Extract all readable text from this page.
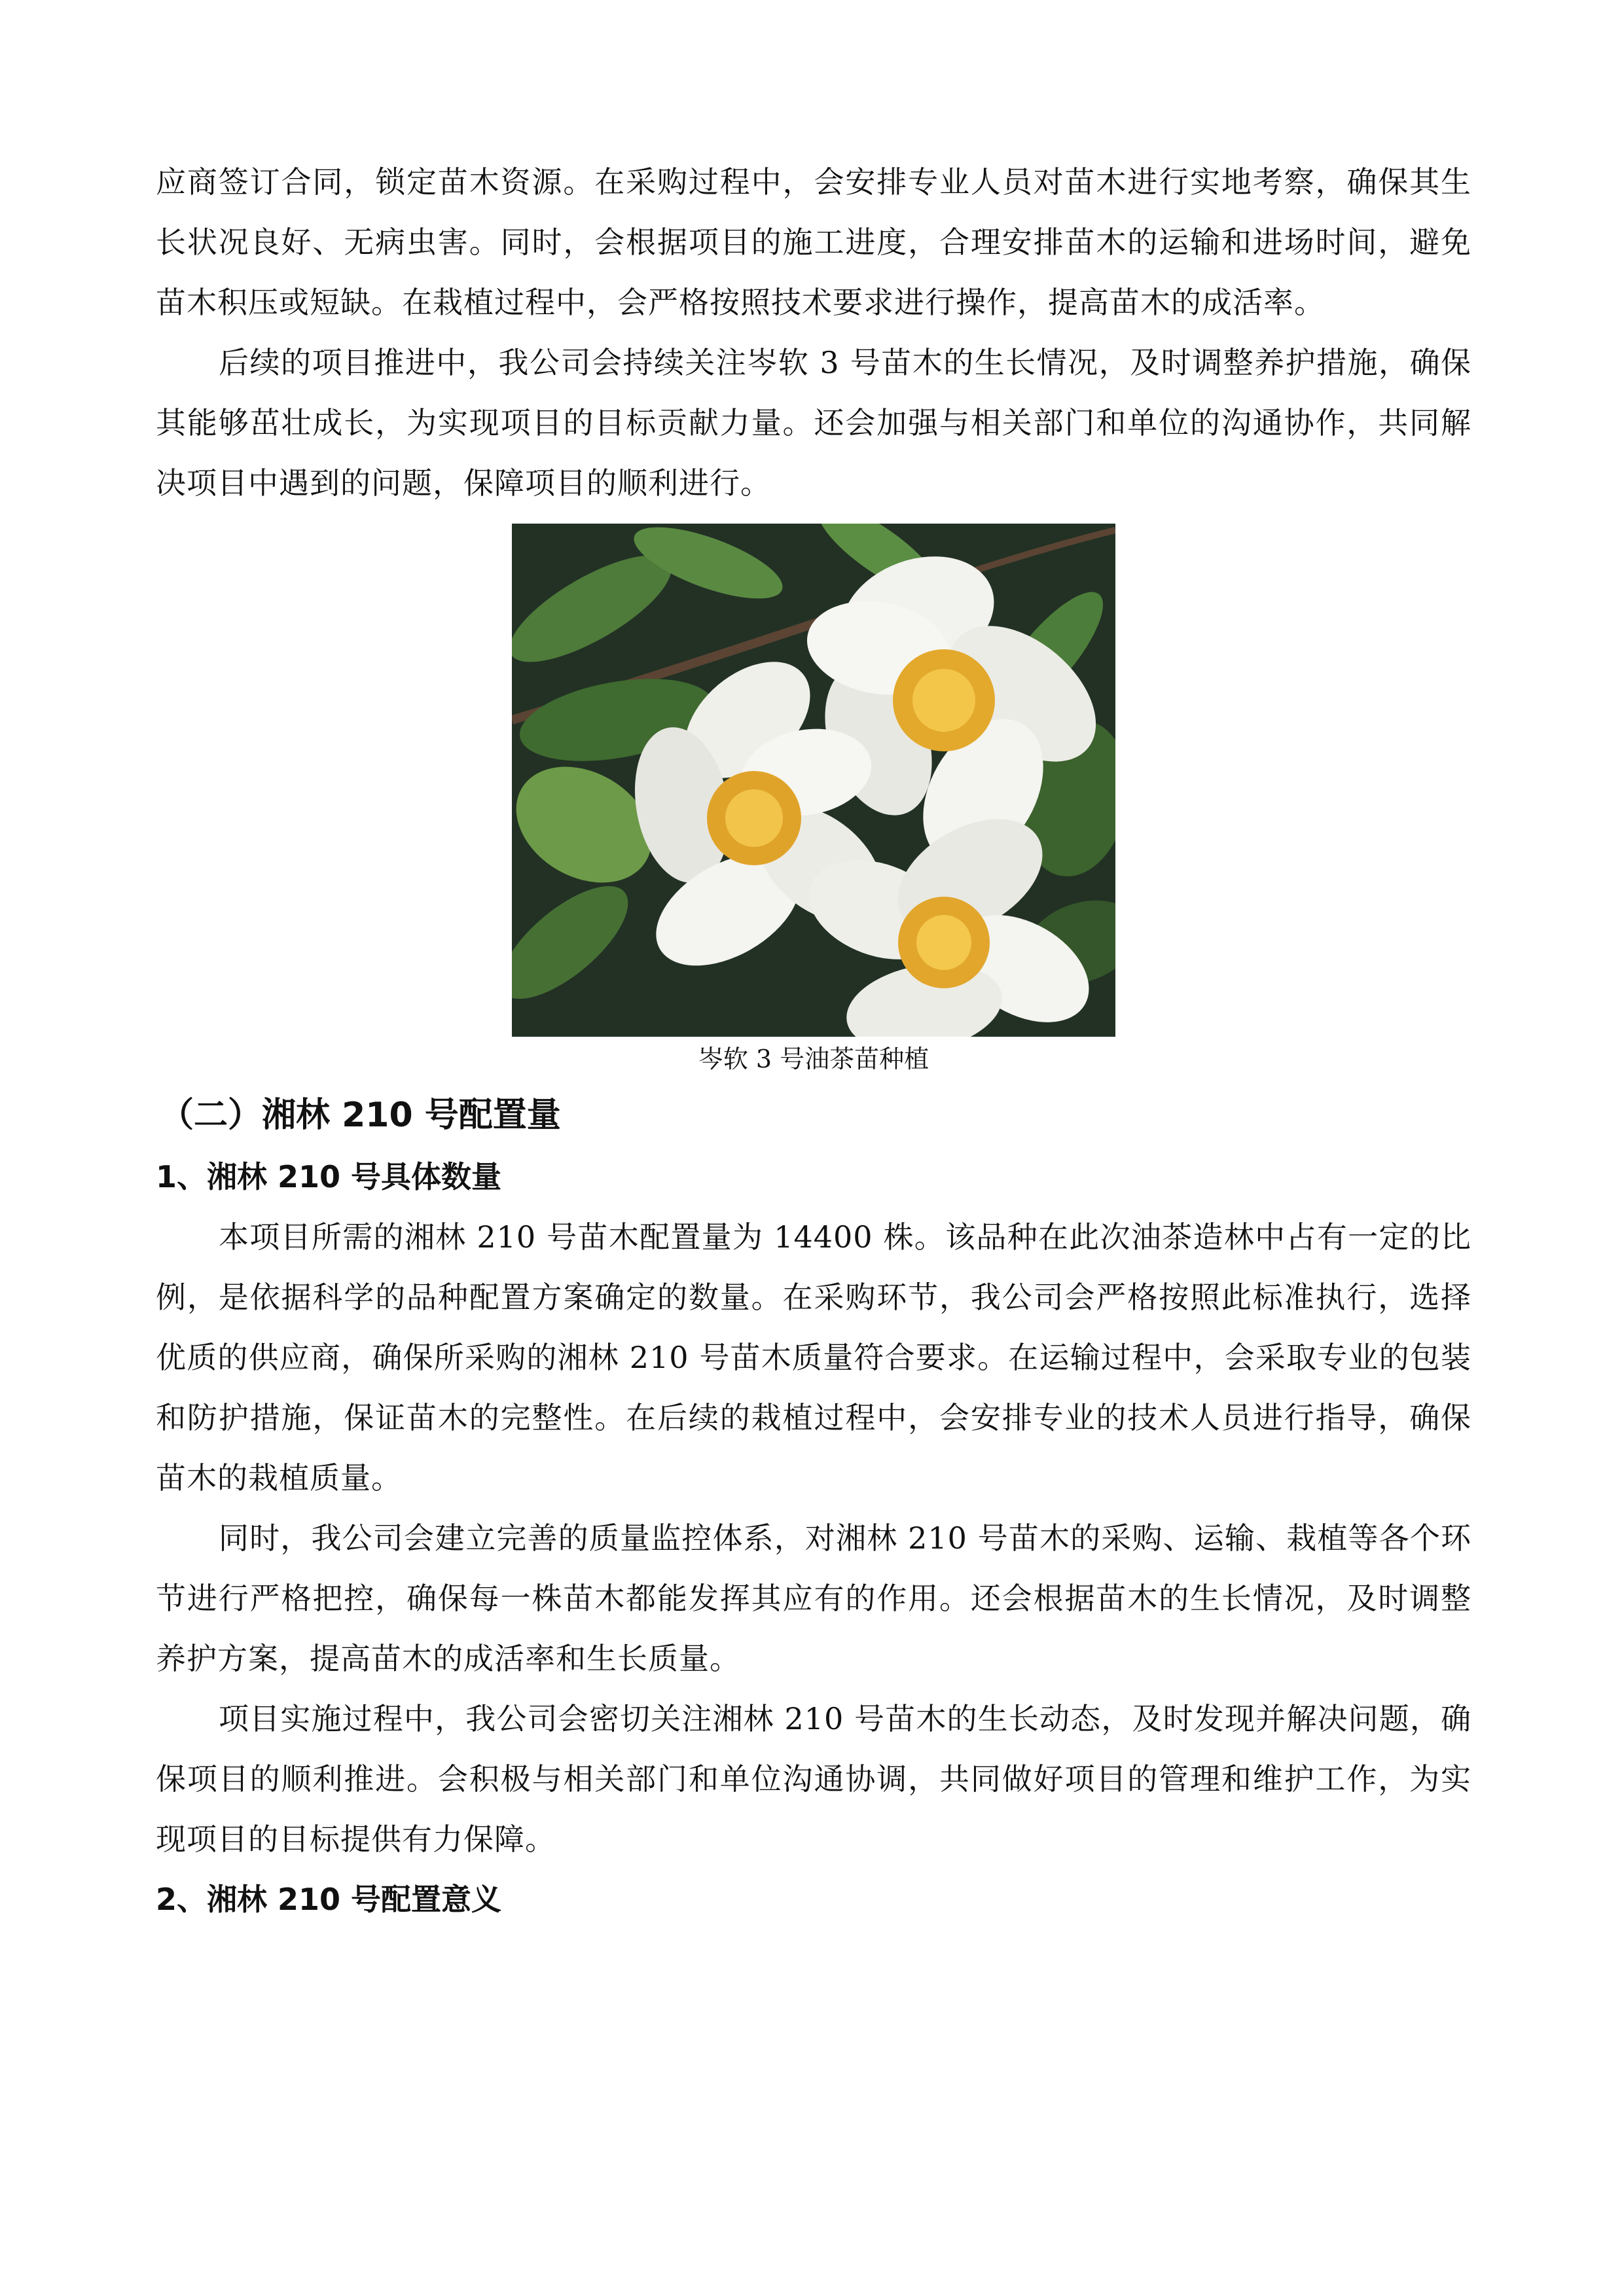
应商签订合同，锁定苗木资源。在采购过程中，会安排专业人员对苗木进行实地考察，确保其生长状况良好、无病虫害。同时，会根据项目的施工进度，合理安排苗木的运输和进场时间，避免苗木积压或短缺。在栽植过程中，会严格按照技术要求进行操作，提高苗木的成活率。

后续的项目推进中，我公司会持续关注岑软 3 号苗木的生长情况，及时调整养护措施，确保其能够茁壮成长，为实现项目的目标贡献力量。还会加强与相关部门和单位的沟通协作，共同解决项目中遇到的问题，保障项目的顺利进行。

岑软 3 号油茶苗种植
（二）湘林 210 号配置量
1、湘林 210 号具体数量

本项目所需的湘林 210 号苗木配置量为 14400 株。该品种在此次油茶造林中占有一定的比例，是依据科学的品种配置方案确定的数量。在采购环节，我公司会严格按照此标准执行，选择优质的供应商，确保所采购的湘林 210 号苗木质量符合要求。在运输过程中，会采取专业的包装和防护措施，保证苗木的完整性。在后续的栽植过程中，会安排专业的技术人员进行指导，确保苗木的栽植质量。

同时，我公司会建立完善的质量监控体系，对湘林 210 号苗木的采购、运输、栽植等各个环节进行严格把控，确保每一株苗木都能发挥其应有的作用。还会根据苗木的生长情况，及时调整养护方案，提高苗木的成活率和生长质量。

项目实施过程中，我公司会密切关注湘林 210 号苗木的生长动态，及时发现并解决问题，确保项目的顺利推进。会积极与相关部门和单位沟通协调，共同做好项目的管理和维护工作，为实现项目的目标提供有力保障。

2、湘林 210 号配置意义
